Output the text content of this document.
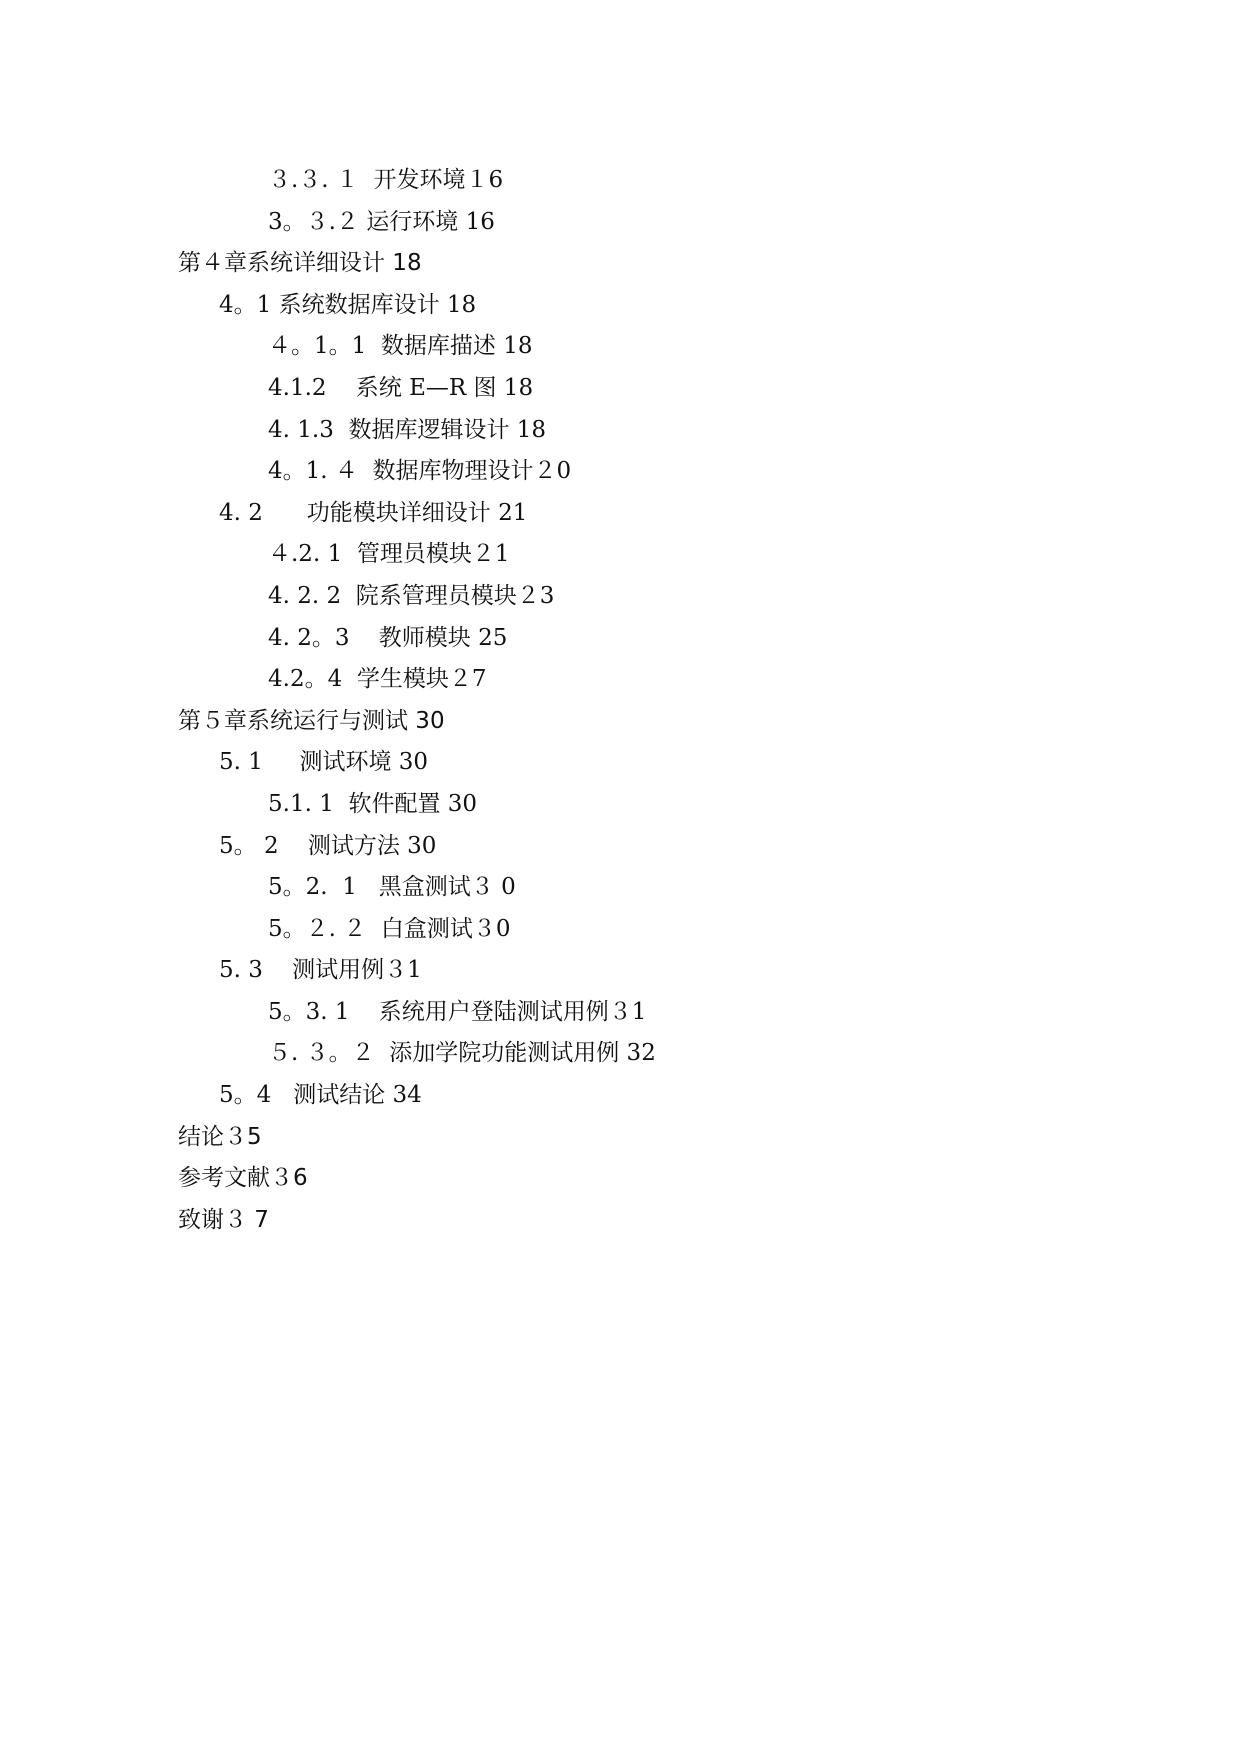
３.３. １  开发环境１6
3。３.２ 运行环境 16
第４章系统详细设计 18
4。1 系统数据库设计 18
４。1。1  数据库描述 18
4.1.2    系统 E—R 图 18
4. 1.3  数据库逻辑设计 18
4。1. ４  数据库物理设计２0
4. 2      功能模块详细设计 21
４.2. 1  管理员模块２1
4. 2. 2  院系管理员模块２3
4. 2。3    教师模块 25
4.2。4  学生模块２7
第５章系统运行与测试 30
5. 1     测试环境 30
5.1. 1  软件配置 30
5。 2    测试方法 30
5。2.  1   黑盒测试３ 0
5。２. ２  白盒测试３0
5. 3    测试用例３1
5。3. 1    系统用户登陆测试用例３1
５. ３。２  添加学院功能测试用例 32
5。4   测试结论 34
结论３5
参考文献３6
致谢３ 7
